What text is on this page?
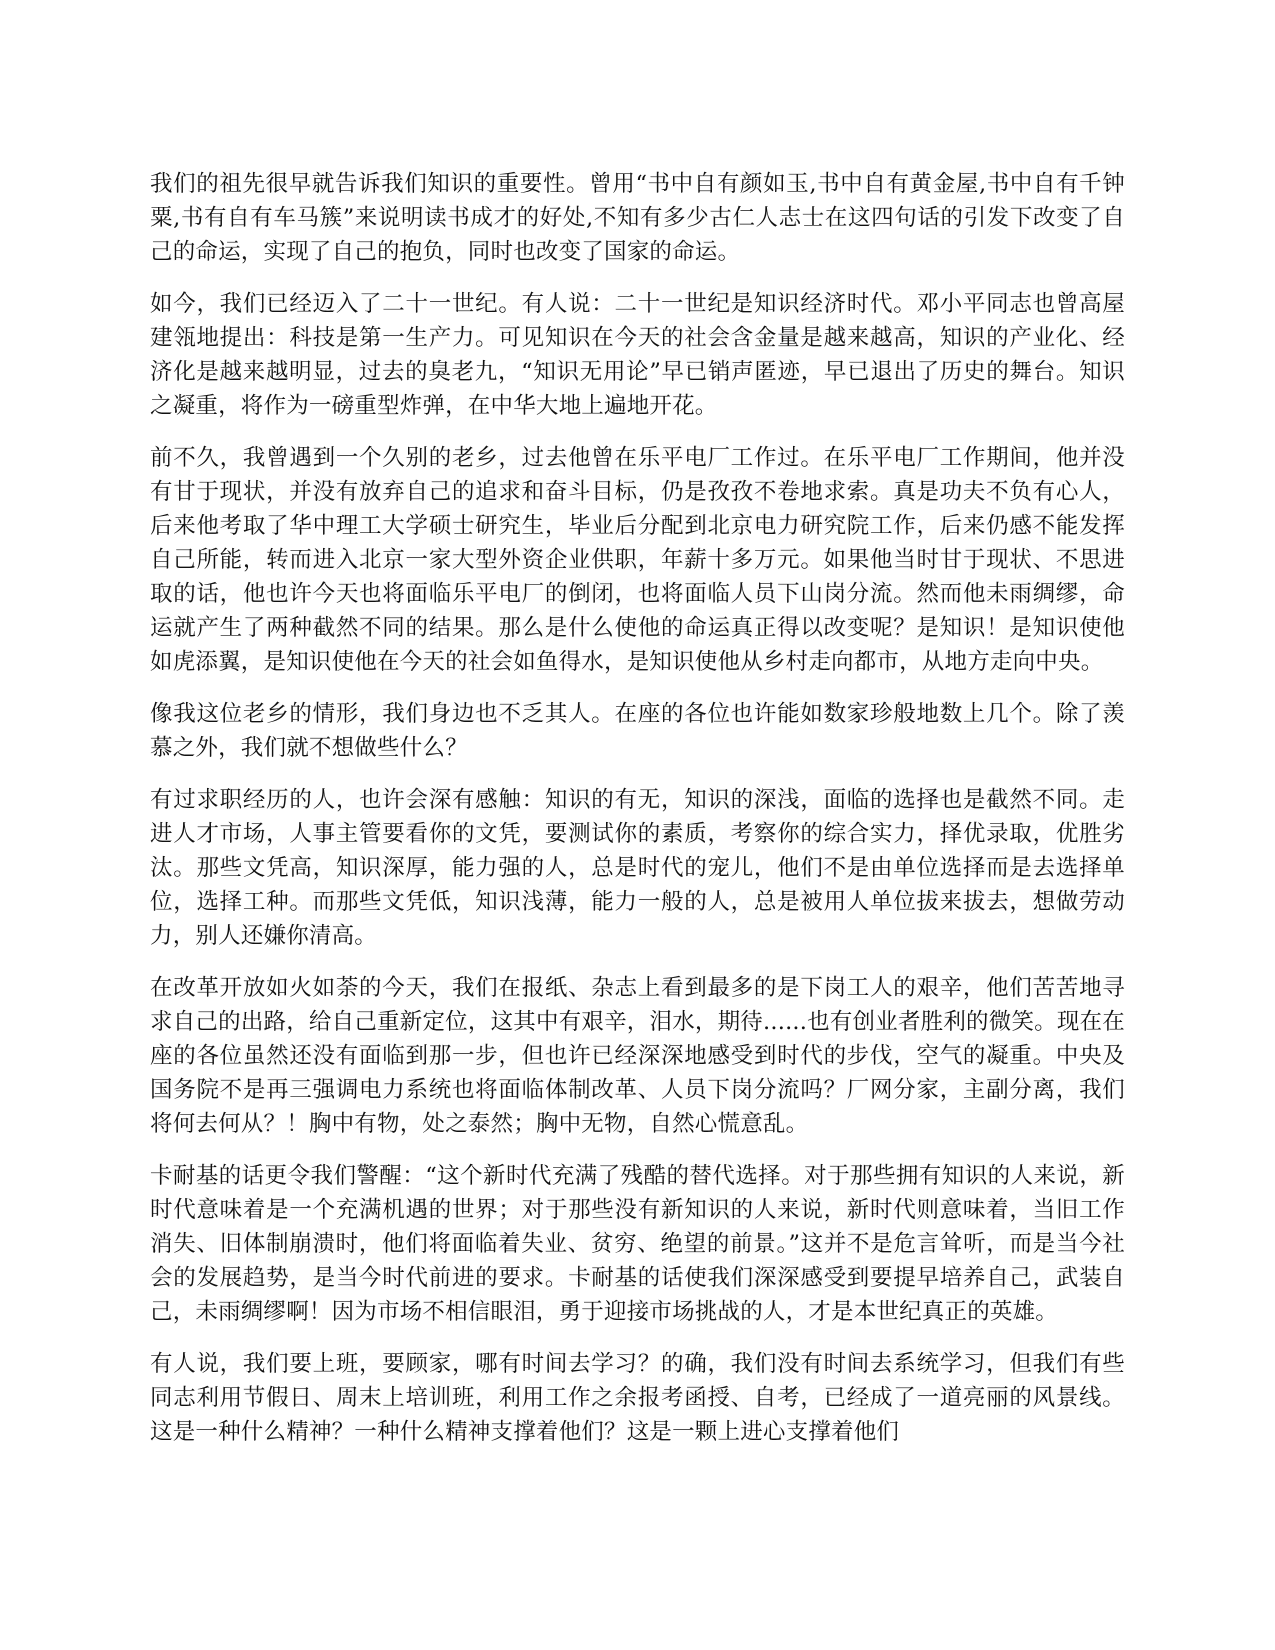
我们的祖先很早就告诉我们知识的重要性。曾用“书中自有颜如玉,书中自有黄金屋,书中自有千钟粟,书有自有车马簇”来说明读书成才的好处,不知有多少古仁人志士在这四句话的引发下改变了自己的命运，实现了自己的抱负，同时也改变了国家的命运。

如今，我们已经迈入了二十一世纪。有人说：二十一世纪是知识经济时代。邓小平同志也曾高屋建瓴地提出：科技是第一生产力。可见知识在今天的社会含金量是越来越高，知识的产业化、经济化是越来越明显，过去的臭老九，“知识无用论”早已销声匿迹，早已退出了历史的舞台。知识之凝重，将作为一磅重型炸弹，在中华大地上遍地开花。

前不久，我曾遇到一个久别的老乡，过去他曾在乐平电厂工作过。在乐平电厂工作期间，他并没有甘于现状，并没有放弃自己的追求和奋斗目标，仍是孜孜不卷地求索。真是功夫不负有心人，后来他考取了华中理工大学硕士研究生，毕业后分配到北京电力研究院工作，后来仍感不能发挥自己所能，转而进入北京一家大型外资企业供职，年薪十多万元。如果他当时甘于现状、不思进取的话，他也许今天也将面临乐平电厂的倒闭，也将面临人员下山岗分流。然而他未雨绸缪，命运就产生了两种截然不同的结果。那么是什么使他的命运真正得以改变呢？是知识！是知识使他如虎添翼，是知识使他在今天的社会如鱼得水，是知识使他从乡村走向都市，从地方走向中央。

像我这位老乡的情形，我们身边也不乏其人。在座的各位也许能如数家珍般地数上几个。除了羡慕之外，我们就不想做些什么？

有过求职经历的人，也许会深有感触：知识的有无，知识的深浅，面临的选择也是截然不同。走进人才市场，人事主管要看你的文凭，要测试你的素质，考察你的综合实力，择优录取，优胜劣汰。那些文凭高，知识深厚，能力强的人，总是时代的宠儿，他们不是由单位选择而是去选择单位，选择工种。而那些文凭低，知识浅薄，能力一般的人，总是被用人单位拔来拔去，想做劳动力，别人还嫌你清高。

在改革开放如火如荼的今天，我们在报纸、杂志上看到最多的是下岗工人的艰辛，他们苦苦地寻求自己的出路，给自己重新定位，这其中有艰辛，泪水，期待......也有创业者胜利的微笑。现在在座的各位虽然还没有面临到那一步，但也许已经深深地感受到时代的步伐，空气的凝重。中央及国务院不是再三强调电力系统也将面临体制改革、人员下岗分流吗？厂网分家，主副分离，我们将何去何从？！胸中有物，处之泰然；胸中无物，自然心慌意乱。

卡耐基的话更令我们警醒：“这个新时代充满了残酷的替代选择。对于那些拥有知识的人来说，新时代意味着是一个充满机遇的世界；对于那些没有新知识的人来说，新时代则意味着，当旧工作消失、旧体制崩溃时，他们将面临着失业、贫穷、绝望的前景。”这并不是危言耸听，而是当今社会的发展趋势，是当今时代前进的要求。卡耐基的话使我们深深感受到要提早培养自己，武装自己，未雨绸缪啊！因为市场不相信眼泪，勇于迎接市场挑战的人，才是本世纪真正的英雄。

有人说，我们要上班，要顾家，哪有时间去学习？的确，我们没有时间去系统学习，但我们有些同志利用节假日、周末上培训班，利用工作之余报考函授、自考，已经成了一道亮丽的风景线。这是一种什么精神？一种什么精神支撑着他们？这是一颗上进心支撑着他们
